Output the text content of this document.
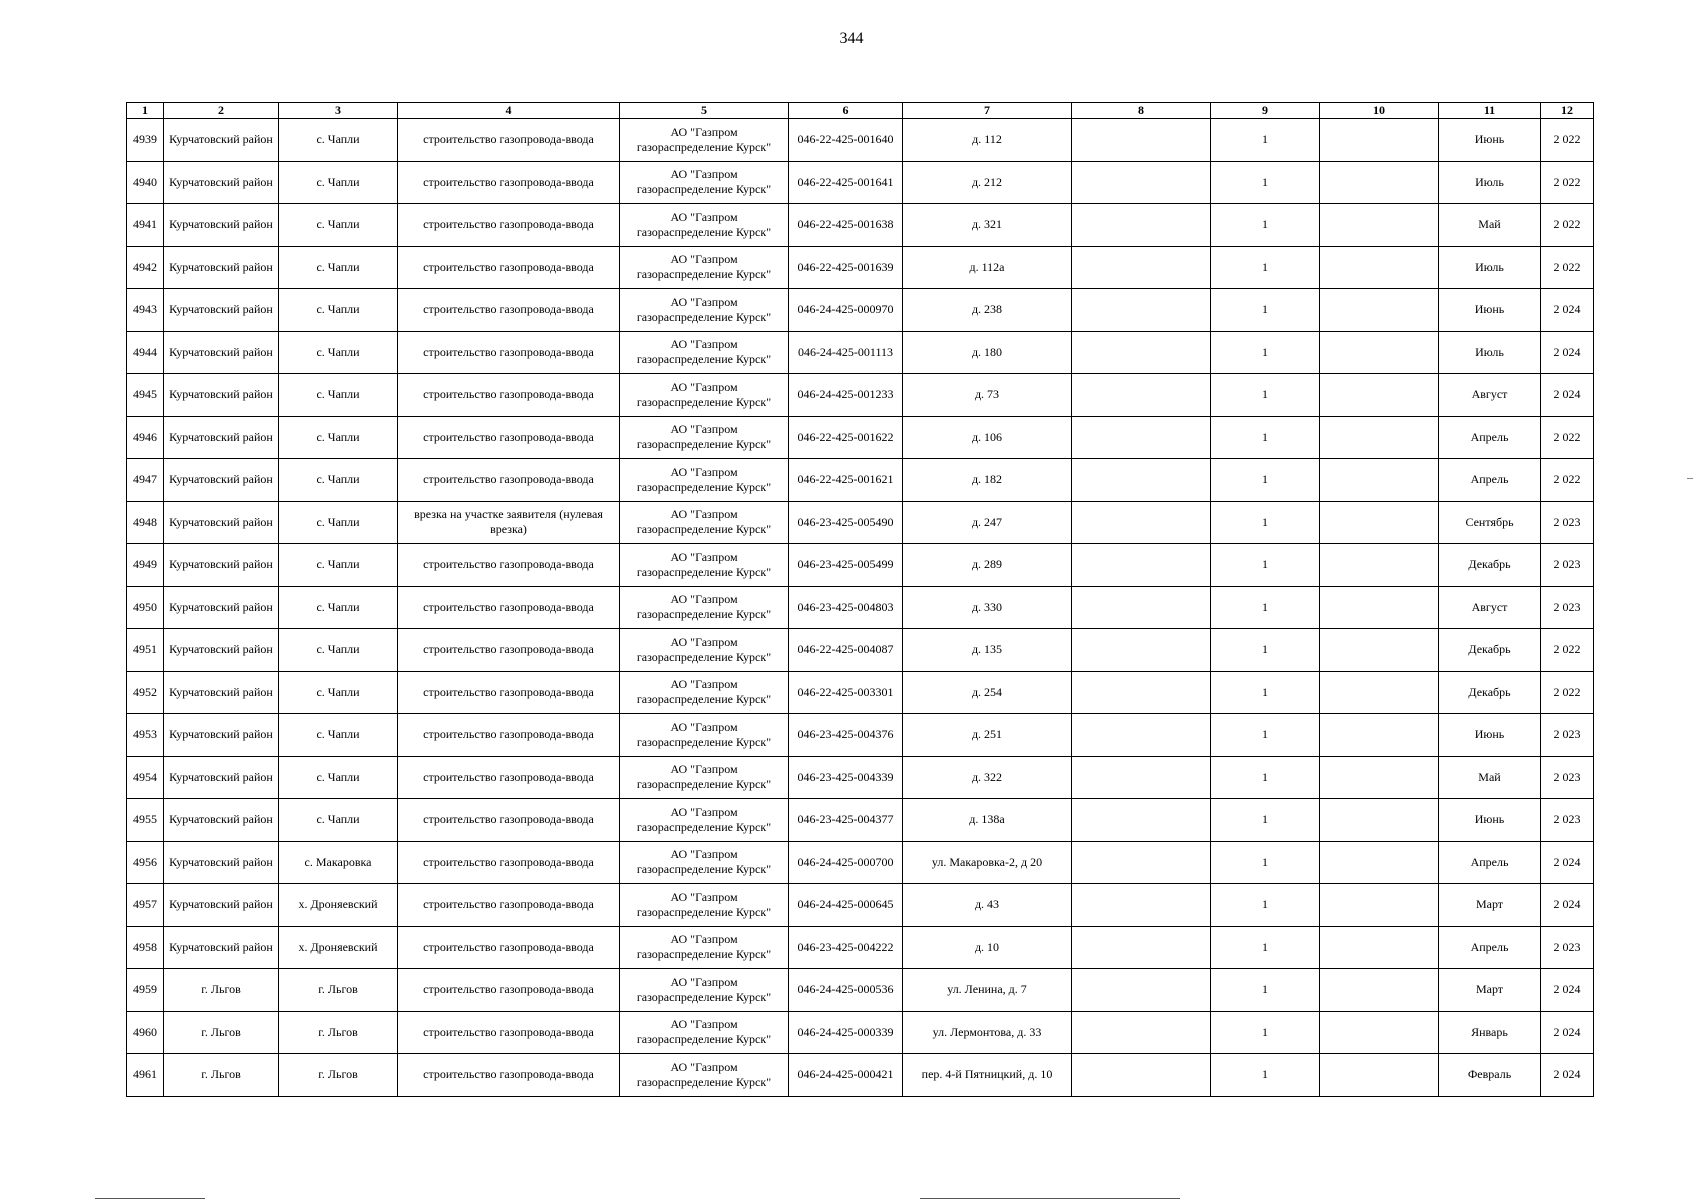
344
1	2	3	4	5	6	7	8	9	10	11	12
4939	Курчатовский район	с. Чапли	строительство газопровода-ввода	АО "Газпром газораспределение Курск"	046-22-425-001640	д. 112		1		Июнь	2 022
4940	Курчатовский район	с. Чапли	строительство газопровода-ввода	АО "Газпром газораспределение Курск"	046-22-425-001641	д. 212		1		Июль	2 022
4941	Курчатовский район	с. Чапли	строительство газопровода-ввода	АО "Газпром газораспределение Курск"	046-22-425-001638	д. 321		1		Май	2 022
4942	Курчатовский район	с. Чапли	строительство газопровода-ввода	АО "Газпром газораспределение Курск"	046-22-425-001639	д. 112а		1		Июль	2 022
4943	Курчатовский район	с. Чапли	строительство газопровода-ввода	АО "Газпром газораспределение Курск"	046-24-425-000970	д. 238		1		Июнь	2 024
4944	Курчатовский район	с. Чапли	строительство газопровода-ввода	АО "Газпром газораспределение Курск"	046-24-425-001113	д. 180		1		Июль	2 024
4945	Курчатовский район	с. Чапли	строительство газопровода-ввода	АО "Газпром газораспределение Курск"	046-24-425-001233	д. 73		1		Август	2 024
4946	Курчатовский район	с. Чапли	строительство газопровода-ввода	АО "Газпром газораспределение Курск"	046-22-425-001622	д. 106		1		Апрель	2 022
4947	Курчатовский район	с. Чапли	строительство газопровода-ввода	АО "Газпром газораспределение Курск"	046-22-425-001621	д. 182		1		Апрель	2 022
4948	Курчатовский район	с. Чапли	врезка на участке заявителя (нулевая врезка)	АО "Газпром газораспределение Курск"	046-23-425-005490	д. 247		1		Сентябрь	2 023
4949	Курчатовский район	с. Чапли	строительство газопровода-ввода	АО "Газпром газораспределение Курск"	046-23-425-005499	д. 289		1		Декабрь	2 023
4950	Курчатовский район	с. Чапли	строительство газопровода-ввода	АО "Газпром газораспределение Курск"	046-23-425-004803	д. 330		1		Август	2 023
4951	Курчатовский район	с. Чапли	строительство газопровода-ввода	АО "Газпром газораспределение Курск"	046-22-425-004087	д. 135		1		Декабрь	2 022
4952	Курчатовский район	с. Чапли	строительство газопровода-ввода	АО "Газпром газораспределение Курск"	046-22-425-003301	д. 254		1		Декабрь	2 022
4953	Курчатовский район	с. Чапли	строительство газопровода-ввода	АО "Газпром газораспределение Курск"	046-23-425-004376	д. 251		1		Июнь	2 023
4954	Курчатовский район	с. Чапли	строительство газопровода-ввода	АО "Газпром газораспределение Курск"	046-23-425-004339	д. 322		1		Май	2 023
4955	Курчатовский район	с. Чапли	строительство газопровода-ввода	АО "Газпром газораспределение Курск"	046-23-425-004377	д. 138а		1		Июнь	2 023
4956	Курчатовский район	с. Макаровка	строительство газопровода-ввода	АО "Газпром газораспределение Курск"	046-24-425-000700	ул. Макаровка-2, д 20		1		Апрель	2 024
4957	Курчатовский район	х. Дроняевский	строительство газопровода-ввода	АО "Газпром газораспределение Курск"	046-24-425-000645	д. 43		1		Март	2 024
4958	Курчатовский район	х. Дроняевский	строительство газопровода-ввода	АО "Газпром газораспределение Курск"	046-23-425-004222	д. 10		1		Апрель	2 023
4959	г. Льгов	г. Льгов	строительство газопровода-ввода	АО "Газпром газораспределение Курск"	046-24-425-000536	ул. Ленина, д. 7		1		Март	2 024
4960	г. Льгов	г. Льгов	строительство газопровода-ввода	АО "Газпром газораспределение Курск"	046-24-425-000339	ул. Лермонтова, д. 33		1		Январь	2 024
4961	г. Льгов	г. Льгов	строительство газопровода-ввода	АО "Газпром газораспределение Курск"	046-24-425-000421	пер. 4-й Пятницкий, д. 10		1		Февраль	2 024
